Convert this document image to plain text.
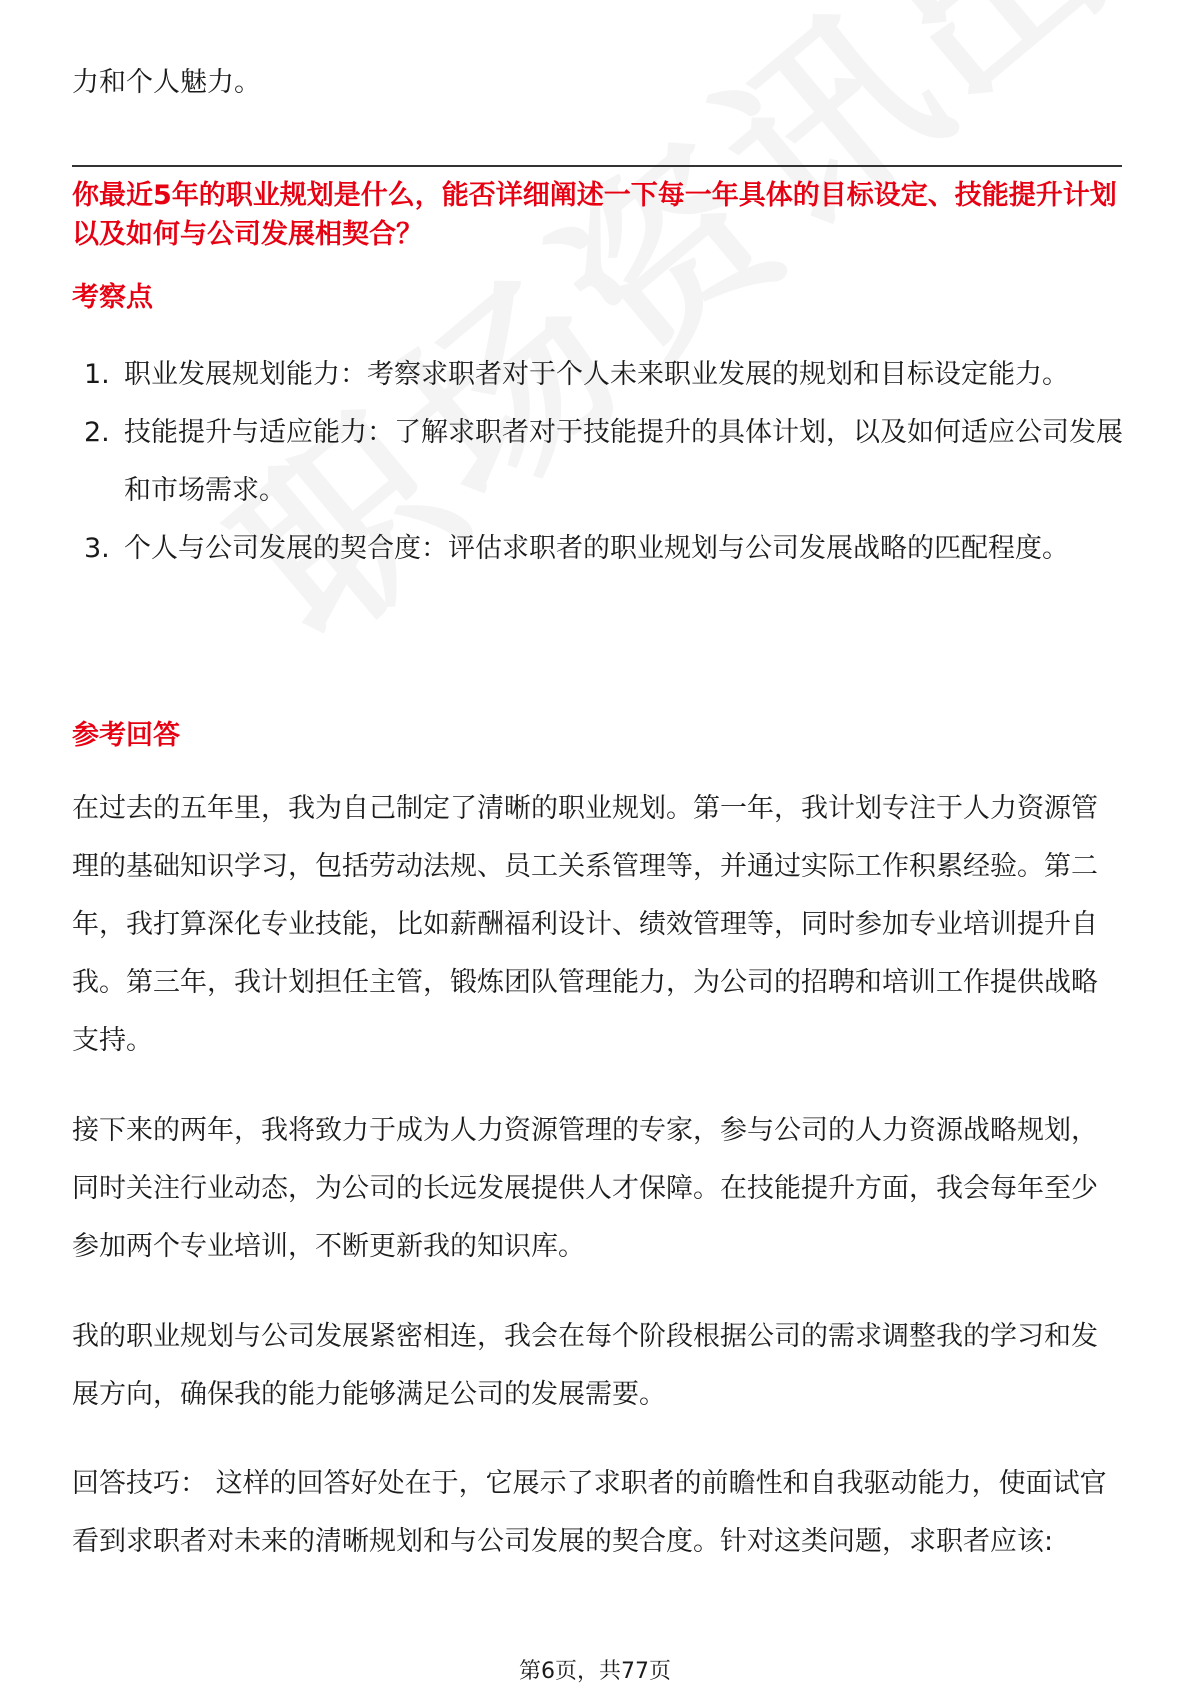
力和个人魅力。

你最近5年的职业规划是什么，能否详细阐述一下每一年具体的目标设定、技能提升计划以及如何与公司发展相契合？

考察点
1. 职业发展规划能力：考察求职者对于个人未来职业发展的规划和目标设定能力。
2. 技能提升与适应能力：了解求职者对于技能提升的具体计划，以及如何适应公司发展和市场需求。
3. 个人与公司发展的契合度：评估求职者的职业规划与公司发展战略的匹配程度。
参考回答

在过去的五年里，我为自己制定了清晰的职业规划。第一年，我计划专注于人力资源管理的基础知识学习，包括劳动法规、员工关系管理等，并通过实际工作积累经验。第二年，我打算深化专业技能，比如薪酬福利设计、绩效管理等，同时参加专业培训提升自我。第三年，我计划担任主管，锻炼团队管理能力，为公司的招聘和培训工作提供战略支持。

接下来的两年，我将致力于成为人力资源管理的专家，参与公司的人力资源战略规划，同时关注行业动态，为公司的长远发展提供人才保障。在技能提升方面，我会每年至少参加两个专业培训，不断更新我的知识库。

我的职业规划与公司发展紧密相连，我会在每个阶段根据公司的需求调整我的学习和发展方向，确保我的能力能够满足公司的发展需要。

回答技巧： 这样的回答好处在于，它展示了求职者的前瞻性和自我驱动能力，使面试官看到求职者对未来的清晰规划和与公司发展的契合度。针对这类问题，求职者应该:

第6页，共77页
